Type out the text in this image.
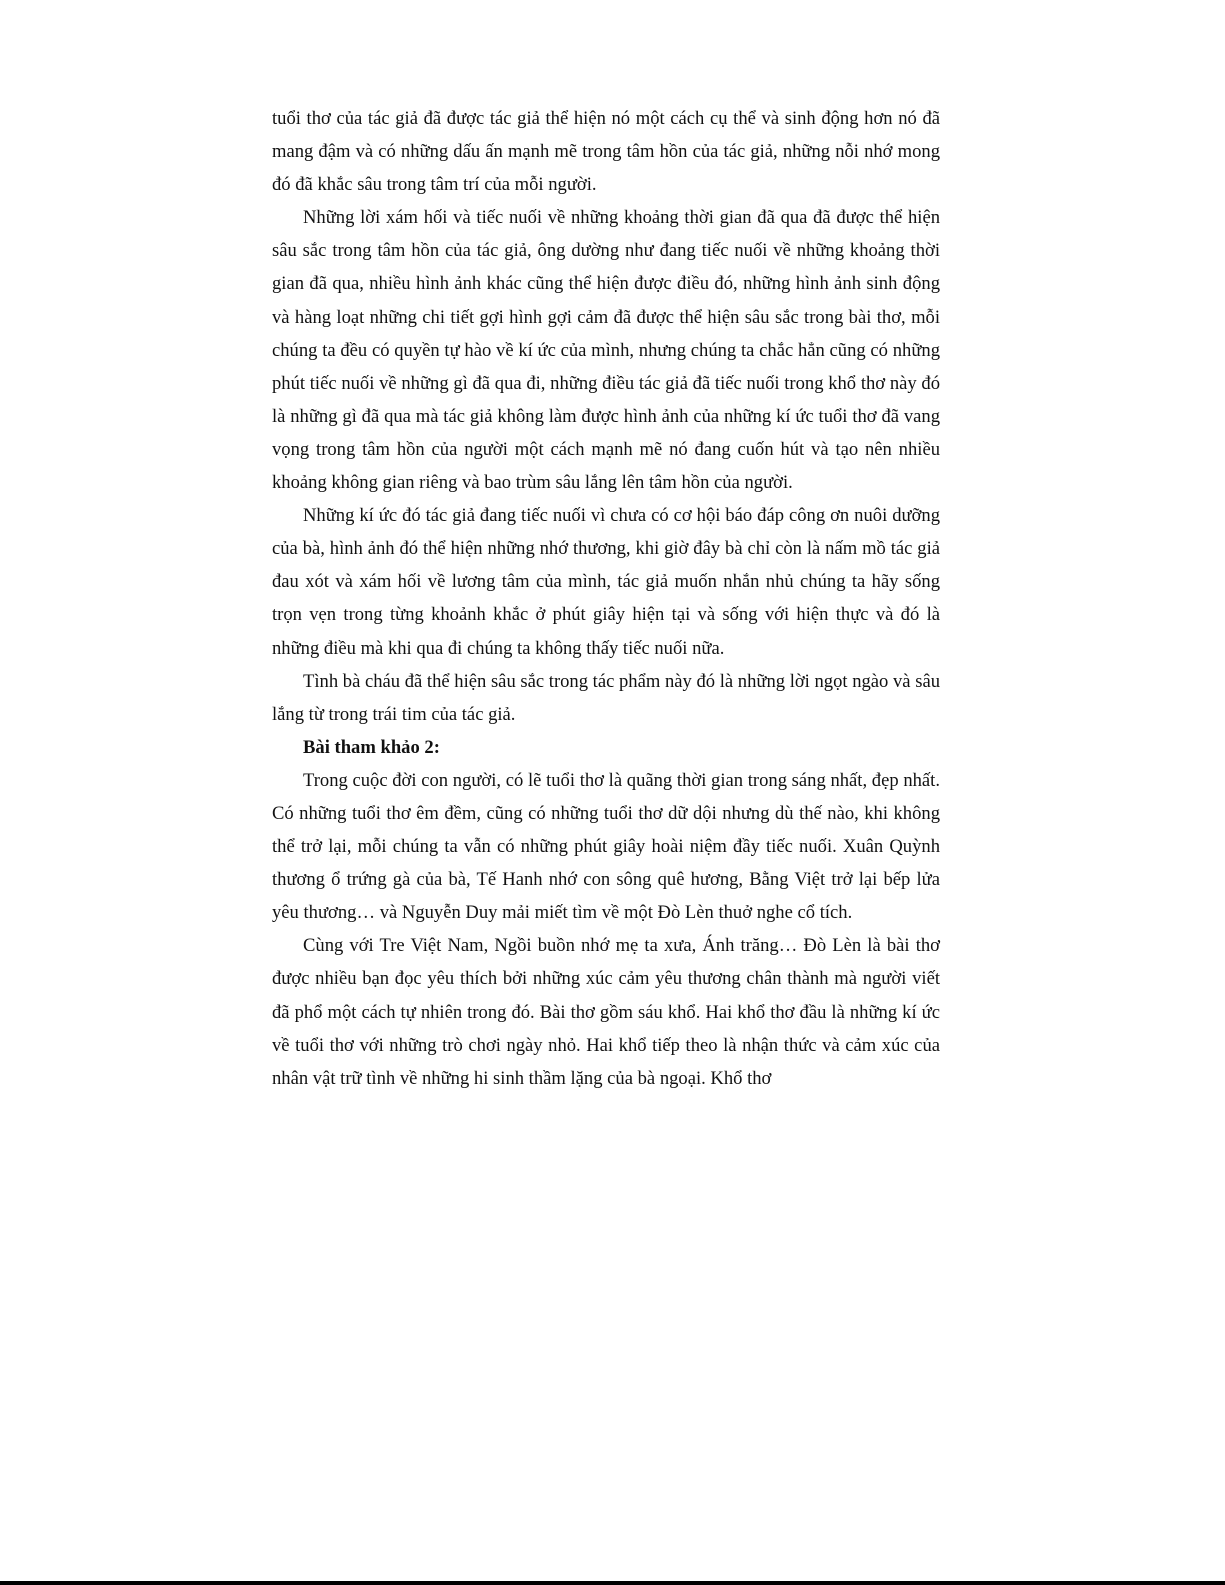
tuổi thơ của tác giả đã được tác giả thể hiện nó một cách cụ thể và sinh động hơn nó đã mang đậm và có những dấu ấn mạnh mẽ trong tâm hồn của tác giả, những nỗi nhớ mong đó đã khắc sâu trong tâm trí của mỗi người.

Những lời xám hối và tiếc nuối về những khoảng thời gian đã qua đã được thể hiện sâu sắc trong tâm hồn của tác giả, ông dường như đang tiếc nuối về những khoảng thời gian đã qua, nhiều hình ảnh khác cũng thể hiện được điều đó, những hình ảnh sinh động và hàng loạt những chi tiết gợi hình gợi cảm đã được thể hiện sâu sắc trong bài thơ, mỗi chúng ta đều có quyền tự hào về kí ức của mình, nhưng chúng ta chắc hẳn cũng có những phút tiếc nuối về những gì đã qua đi, những điều tác giả đã tiếc nuối trong khổ thơ này đó là những gì đã qua mà tác giả không làm được hình ảnh của những kí ức tuổi thơ đã vang vọng trong tâm hồn của người một cách mạnh mẽ nó đang cuốn hút và tạo nên nhiều khoảng không gian riêng và bao trùm sâu lắng lên tâm hồn của người.

Những kí ức đó tác giả đang tiếc nuối vì chưa có cơ hội báo đáp công ơn nuôi dưỡng của bà, hình ảnh đó thể hiện những nhớ thương, khi giờ đây bà chỉ còn là nấm mồ tác giả đau xót và xám hối về lương tâm của mình, tác giả muốn nhắn nhủ chúng ta hãy sống trọn vẹn trong từng khoảnh khắc ở phút giây hiện tại và sống với hiện thực và đó là những điều mà khi qua đi chúng ta không thấy tiếc nuối nữa.

Tình bà cháu đã thể hiện sâu sắc trong tác phẩm này đó là những lời ngọt ngào và sâu lắng từ trong trái tim của tác giả.

Bài tham khảo 2:

Trong cuộc đời con người, có lẽ tuổi thơ là quãng thời gian trong sáng nhất, đẹp nhất. Có những tuổi thơ êm đềm, cũng có những tuổi thơ dữ dội nhưng dù thế nào, khi không thể trở lại, mỗi chúng ta vẫn có những phút giây hoài niệm đầy tiếc nuối. Xuân Quỳnh thương ổ trứng gà của bà, Tế Hanh nhớ con sông quê hương, Bằng Việt trở lại bếp lửa yêu thương… và Nguyễn Duy mải miết tìm về một Đò Lèn thuở nghe cổ tích.

Cùng với Tre Việt Nam, Ngồi buồn nhớ mẹ ta xưa, Ánh trăng… Đò Lèn là bài thơ được nhiều bạn đọc yêu thích bởi những xúc cảm yêu thương chân thành mà người viết đã phổ một cách tự nhiên trong đó. Bài thơ gồm sáu khổ. Hai khổ thơ đầu là những kí ức về tuổi thơ với những trò chơi ngày nhỏ. Hai khổ tiếp theo là nhận thức và cảm xúc của nhân vật trữ tình về những hi sinh thầm lặng của bà ngoại. Khổ thơ
